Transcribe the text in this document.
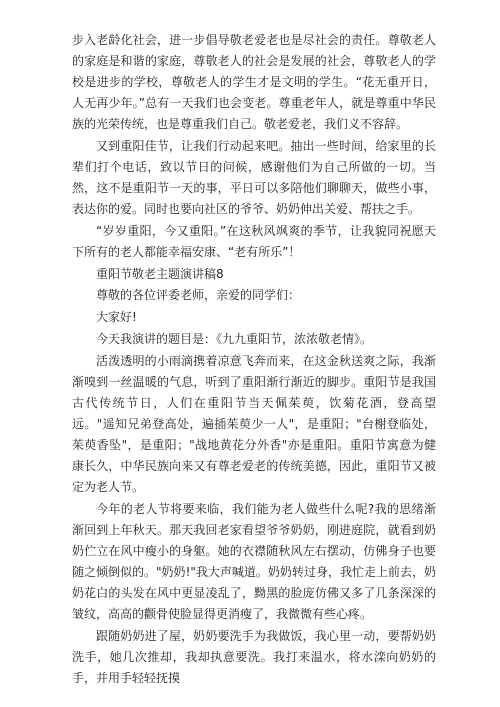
步入老龄化社会，进一步倡导敬老爱老也是尽社会的责任。尊敬老人的家庭是和谐的家庭，尊敬老人的社会是发展的社会，尊敬老人的学校是进步的学校，尊敬老人的学生才是文明的学生。“花无重开日，人无再少年。”总有一天我们也会变老。尊重老年人，就是尊重中华民族的光荣传统，也是尊重我们自己。敬老爱老，我们义不容辞。

又到重阳佳节，让我们行动起来吧。抽出一些时间，给家里的长辈们打个电话，致以节日的问候，感谢他们为自己所做的一切。当然，这不是重阳节一天的事，平日可以多陪他们聊聊天，做些小事，表达你的爱。同时也要向社区的爷爷、奶奶伸出关爱、帮扶之手。

“岁岁重阳，今又重阳。”在这秋风飒爽的季节，让我貌同祝愿天下所有的老人都能幸福安康、“老有所乐”！

重阳节敬老主题演讲稿8

尊敬的各位评委老师，亲爱的同学们：

大家好!

今天我演讲的题目是：《九九重阳节，浓浓敬老情》。

活泼透明的小雨滴携着凉意飞奔而来，在这金秋送爽之际，我渐渐嗅到一丝温暖的气息，听到了重阳渐行渐近的脚步。重阳节是我国古代传统节日，人们在重阳节当天佩茱萸，饮菊花酒，登高望远。"遥知兄弟登高处，遍插茱萸少一人"，是重阳；"台榭登临处，茱萸香坠"，是重阳；"战地黄花分外香"亦是重阳。重阳节寓意为健康长久，中华民族向来又有尊老爱老的传统美德，因此，重阳节又被定为老人节。

今年的老人节将要来临，我们能为老人做些什么呢?我的思绪渐渐回到上年秋天。那天我回老家看望爷爷奶奶，刚进庭院，就看到奶奶伫立在风中瘦小的身躯。她的衣襟随秋风左右摆动，仿佛身子也要随之倾倒似的。"奶奶!"我大声喊道。奶奶转过身，我忙走上前去，奶奶花白的头发在风中更显凌乱了，黝黑的脸庞仿佛又多了几条深深的皱纹，高高的颧骨使脸显得更消瘦了，我微微有些心疼。

跟随奶奶进了屋，奶奶要洗手为我做饭，我心里一动，要帮奶奶洗手，她几次推却，我却执意要洗。我打来温水，将水滦向奶奶的手，并用手轻轻抚摸
